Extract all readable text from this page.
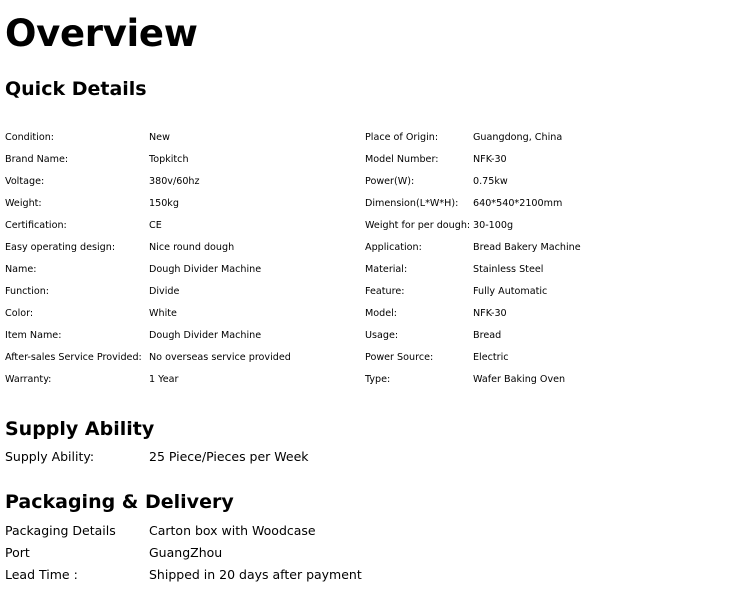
Overview
Quick Details
Condition:	New	Place of Origin:	Guangdong, China
Brand Name:	Topkitch	Model Number:	NFK-30
Voltage:	380v/60hz	Power(W):	0.75kw
Weight:	150kg	Dimension(L*W*H): 640*540*2100mm
Certification:	CE	Weight for per dough: 30-100g
Easy operating design:	Nice round dough	Application:	Bread Bakery Machine
Name:	Dough Divider Machine	Material:	Stainless Steel
Function:	Divide	Feature:	Fully Automatic
Color:	White	Model:	NFK-30
Item Name:	Dough Divider Machine	Usage:	Bread
After-sales Service Provided: No overseas service provided	Power Source:	Electric
Warranty:	1 Year	Type:	Wafer Baking Oven
Supply Ability
Supply Ability:	25 Piece/Pieces per Week
Packaging & Delivery
Packaging Details	Carton box with Woodcase
Port	GuangZhou
Lead Time :	Shipped in 20 days after payment
